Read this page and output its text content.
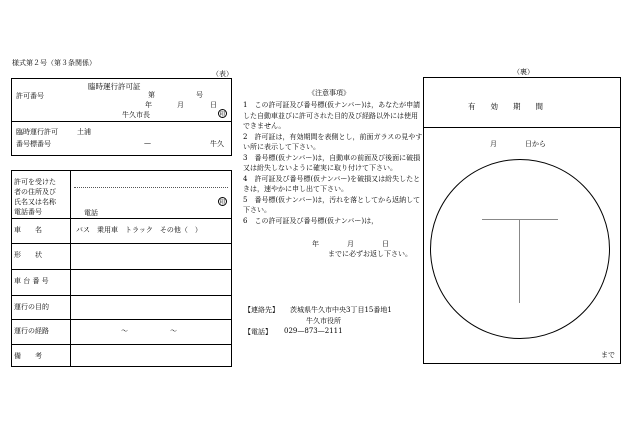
様式第２号（第３条関係）
（表）
臨時運行許可証
許可番号	第	号
年	月	日
牛久市長	印
臨時運行許可
番号標番号
土浦
—	牛久
許可を受けた
者の住所及び
氏名又は名称
電話番号
印
電話
車　　名	バス　乗用車　トラック　その他（　）
形　　状
車 台 番 号
運行の目的
運行の経路	～　　　　　　～
備　　考
《注意事項》

1　この許可証及び番号標(仮ナンバー)は，あなたが申請した自動車並びに許可された目的及び経路以外には使用できません。

2　許可証は，有効期間を表側とし，前面ガラスの見やすい所に表示して下さい。

3　番号標(仮ナンバー)は，自動車の前面及び後面に破損又は紛失しないように確実に取り付けて下さい。

4　許可証及び番号標(仮ナンバー)を破損又は紛失したときは，速やかに申し出て下さい。

5　番号標(仮ナンバー)は，汚れを落としてから返納して下さい。

6　この許可証及び番号標(仮ナンバー)は，

年　　　　月　　　　日
までに必ずお返し下さい。
【連絡先】 茨城県牛久市中央3丁目15番地1
牛久市役所
【電話】 029—873—2111
（裏）
有　　効　　期　　間
月　　　　日から
まで
